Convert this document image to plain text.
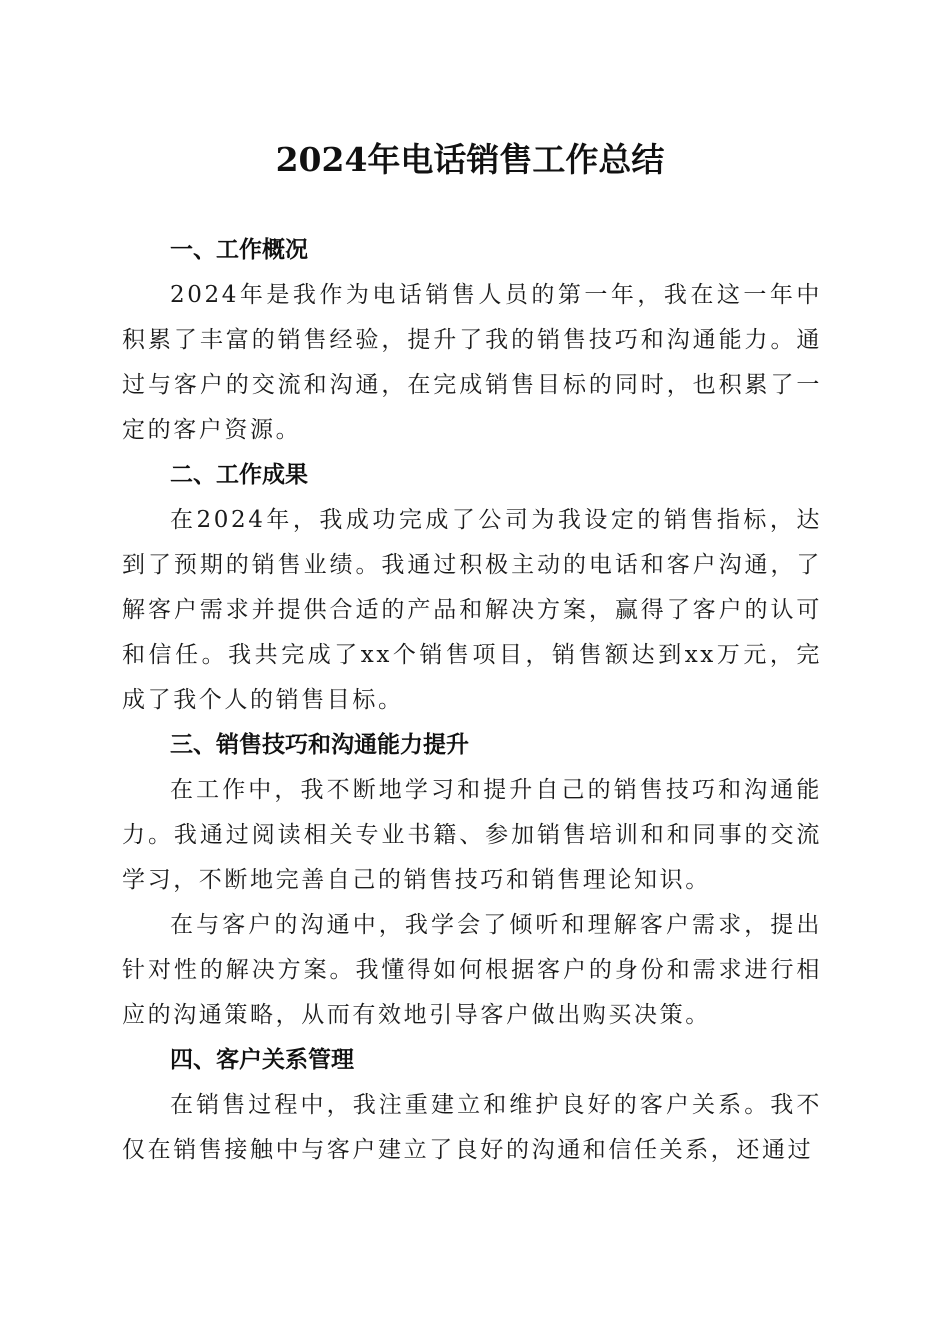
2024年电话销售工作总结

一、工作概况

2024年是我作为电话销售人员的第一年，我在这一年中积累了丰富的销售经验，提升了我的销售技巧和沟通能力。通过与客户的交流和沟通，在完成销售目标的同时，也积累了一定的客户资源。

二、工作成果

在2024年，我成功完成了公司为我设定的销售指标，达到了预期的销售业绩。我通过积极主动的电话和客户沟通，了解客户需求并提供合适的产品和解决方案，赢得了客户的认可和信任。我共完成了xx个销售项目，销售额达到xx万元，完成了我个人的销售目标。

三、销售技巧和沟通能力提升

在工作中，我不断地学习和提升自己的销售技巧和沟通能力。我通过阅读相关专业书籍、参加销售培训和和同事的交流学习，不断地完善自己的销售技巧和销售理论知识。

在与客户的沟通中，我学会了倾听和理解客户需求，提出针对性的解决方案。我懂得如何根据客户的身份和需求进行相应的沟通策略，从而有效地引导客户做出购买决策。

四、客户关系管理

在销售过程中，我注重建立和维护良好的客户关系。我不仅在销售接触中与客户建立了良好的沟通和信任关系，还通过
